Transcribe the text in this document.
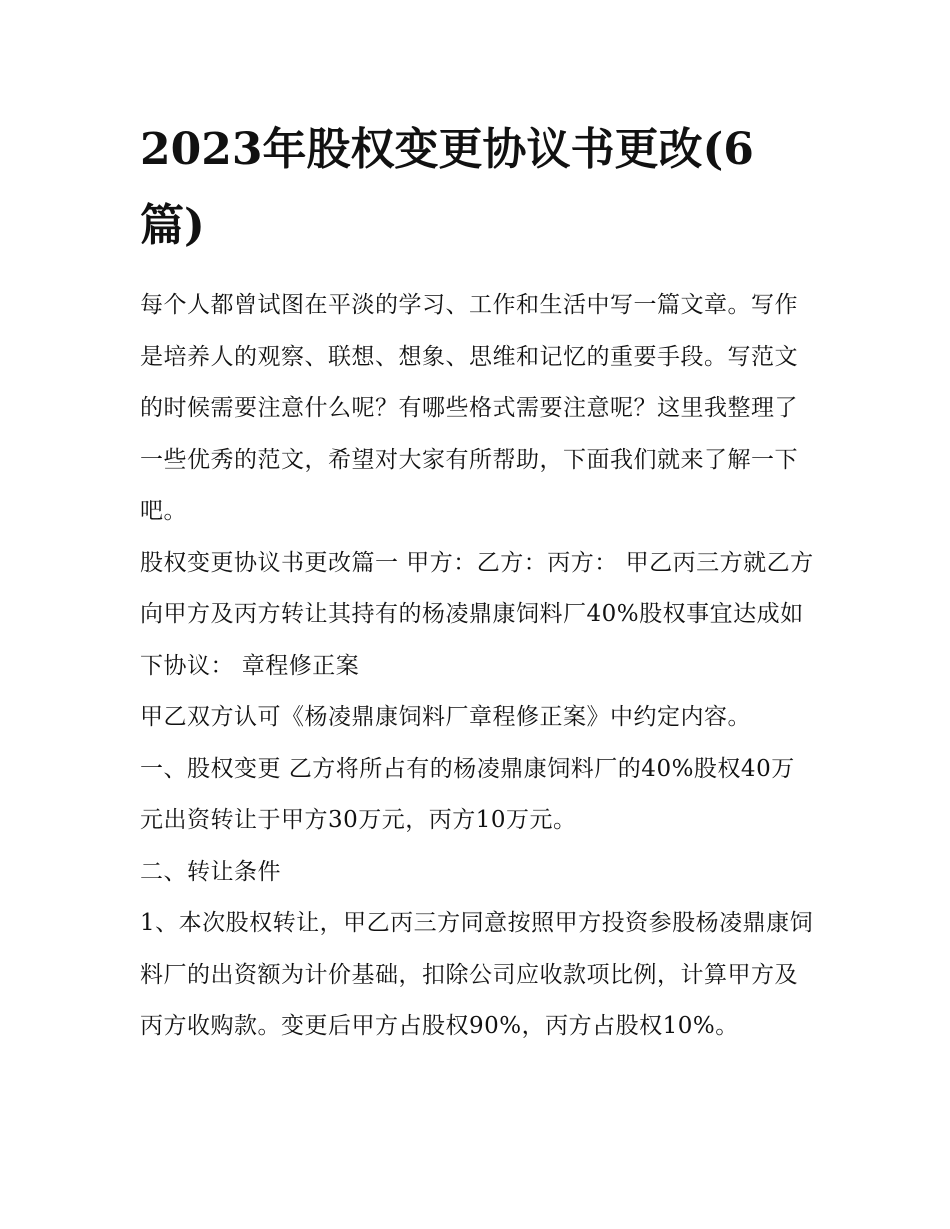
2023年股权变更协议书更改(6篇)

每个人都曾试图在平淡的学习、工作和生活中写一篇文章。写作是培养人的观察、联想、想象、思维和记忆的重要手段。写范文的时候需要注意什么呢？有哪些格式需要注意呢？这里我整理了一些优秀的范文，希望对大家有所帮助，下面我们就来了解一下吧。

股权变更协议书更改篇一 甲方：乙方：丙方： 甲乙丙三方就乙方向甲方及丙方转让其持有的杨凌鼎康饲料厂40%股权事宜达成如下协议： 章程修正案

甲乙双方认可《杨凌鼎康饲料厂章程修正案》中约定内容。

一、股权变更 乙方将所占有的杨凌鼎康饲料厂的40%股权40万元出资转让于甲方30万元，丙方10万元。

二、转让条件

1、本次股权转让，甲乙丙三方同意按照甲方投资参股杨凌鼎康饲料厂的出资额为计价基础，扣除公司应收款项比例，计算甲方及丙方收购款。变更后甲方占股权90%，丙方占股权10%。
